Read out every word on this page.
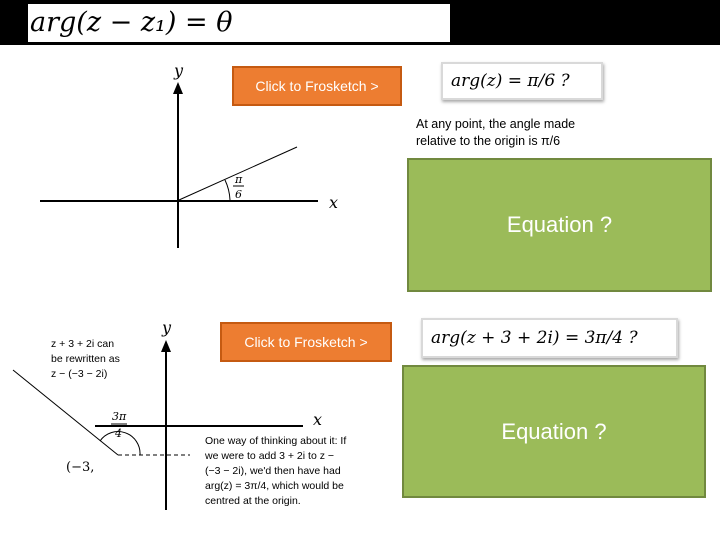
arg(z − z₁) = θ
y
x
π
6
y
x
3π
4
(−3,
Click to Frosketch >	arg(z) = π/6 ?
At any point, the angle made
relative to the origin is π/6
Equation ?
z + 3 + 2i can
be rewritten as
z − (−3 − 2i)
Click to Frosketch >	arg(z + 3 + 2i) = 3π/4 ?
Equation ?
One way of thinking about it: If
we were to add 3 + 2i to z −
(−3 − 2i), we'd then have had
arg(z) = 3π/4, which would be
centred at the origin.
